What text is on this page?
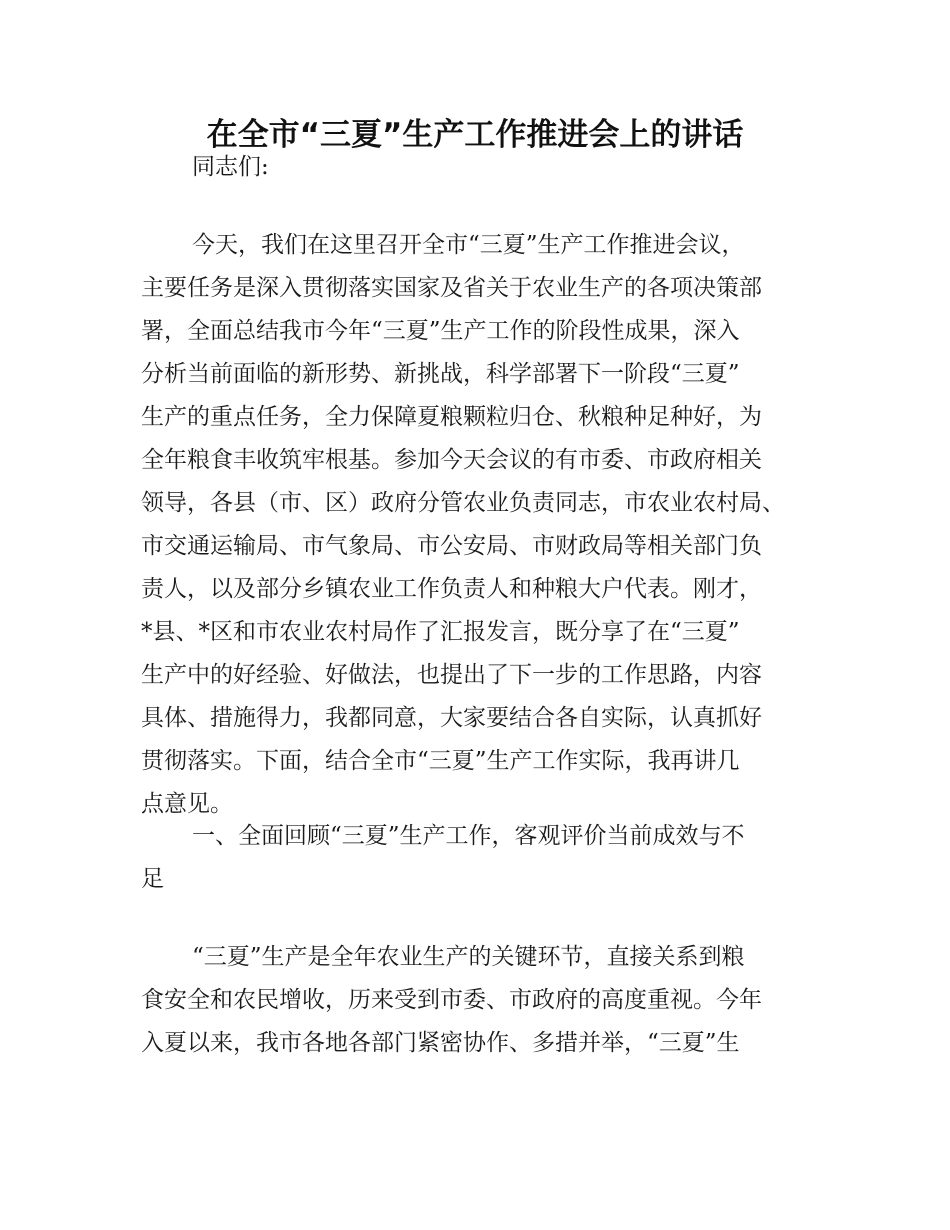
在全市“三夏”生产工作推进会上的讲话
同志们:
今天，我们在这里召开全市“三夏”生产工作推进会议，
主要任务是深入贯彻落实国家及省关于农业生产的各项决策部
署，全面总结我市今年“三夏”生产工作的阶段性成果，深入
分析当前面临的新形势、新挑战，科学部署下一阶段“三夏”
生产的重点任务，全力保障夏粮颗粒归仓、秋粮种足种好，为
全年粮食丰收筑牢根基。参加今天会议的有市委、市政府相关
领导，各县（市、区）政府分管农业负责同志，市农业农村局、
市交通运输局、市气象局、市公安局、市财政局等相关部门负
责人，以及部分乡镇农业工作负责人和种粮大户代表。刚才，
*县、*区和市农业农村局作了汇报发言，既分享了在“三夏”
生产中的好经验、好做法，也提出了下一步的工作思路，内容
具体、措施得力，我都同意，大家要结合各自实际，认真抓好
贯彻落实。下面，结合全市“三夏”生产工作实际，我再讲几
点意见。
一、全面回顾“三夏”生产工作，客观评价当前成效与不
足
“三夏”生产是全年农业生产的关键环节，直接关系到粮
食安全和农民增收，历来受到市委、市政府的高度重视。今年
入夏以来，我市各地各部门紧密协作、多措并举，“三夏”生
